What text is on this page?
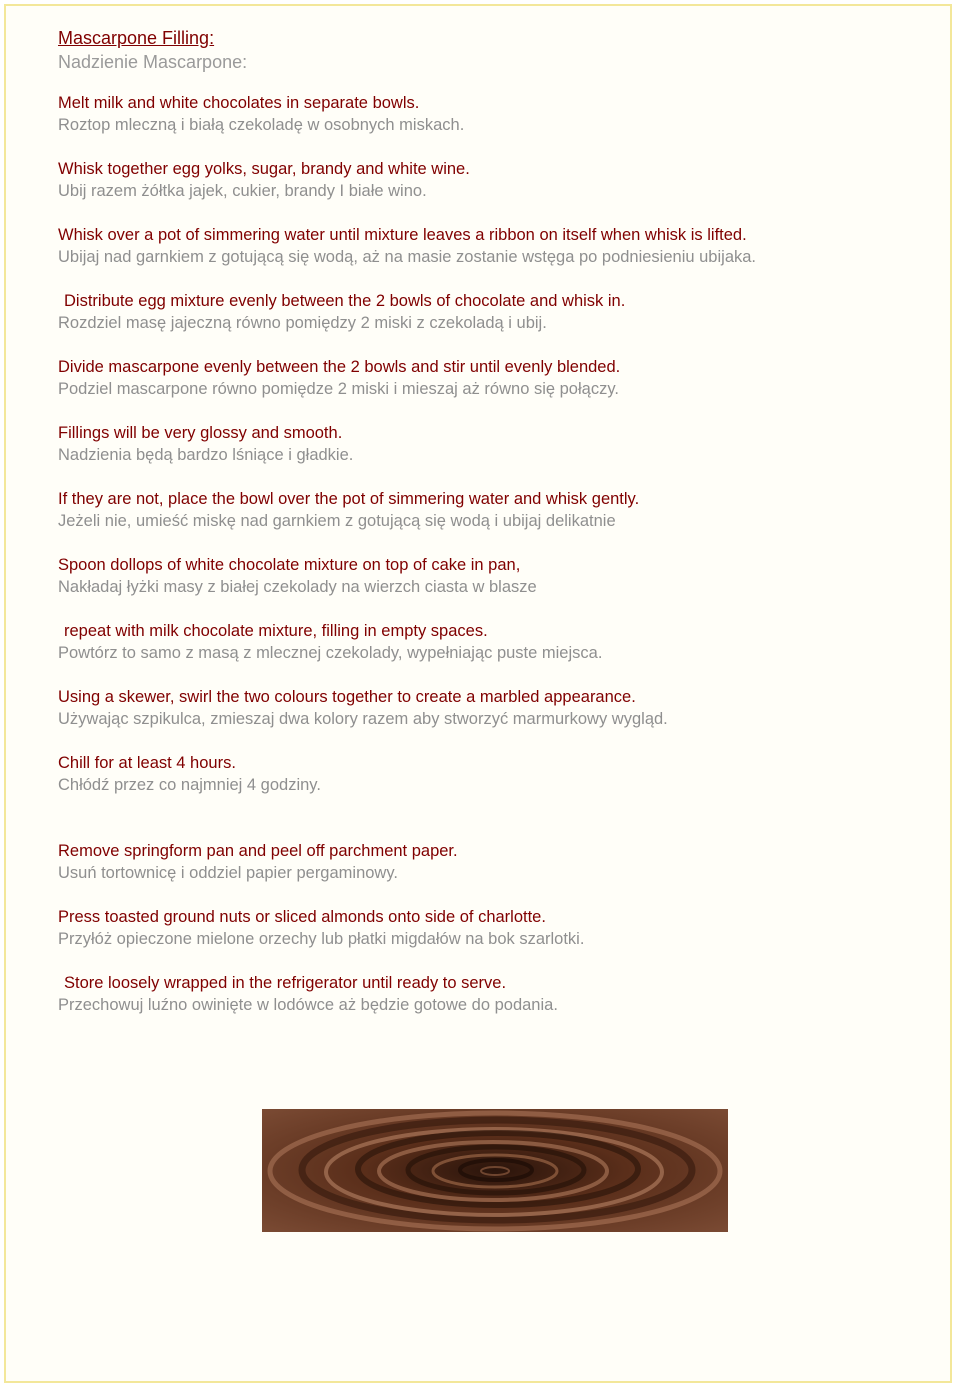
Mascarpone Filling:

Nadzienie Mascarpone:

Melt milk and white chocolates in separate bowls.

Roztop mleczną i białą czekoladę w osobnych miskach.

Whisk together egg yolks, sugar, brandy and white wine.

Ubij razem żółtka jajek, cukier, brandy I białe wino.

Whisk over a pot of simmering water until mixture leaves a ribbon on itself when whisk is lifted.

Ubijaj nad garnkiem z gotującą się wodą, aż na masie zostanie wstęga po podniesieniu ubijaka.

Distribute egg mixture evenly between the 2 bowls of chocolate and whisk in.

Rozdziel masę jajeczną równo pomiędzy 2 miski z czekoladą i ubij.

Divide mascarpone evenly between the 2 bowls and stir until evenly blended.

Podziel mascarpone równo pomiędze 2 miski i mieszaj aż równo się połączy.

Fillings will be very glossy and smooth.

Nadzienia będą bardzo lśniące i gładkie.

If they are not, place the bowl over the pot of simmering water and whisk gently.

Jeżeli nie, umieść miskę nad garnkiem z gotującą się wodą i ubijaj delikatnie

Spoon dollops of white chocolate mixture on top of cake in pan,

Nakładaj łyżki masy z białej czekolady na wierzch ciasta w blasze

repeat with milk chocolate mixture, filling in empty spaces.

Powtórz to samo z masą z mlecznej czekolady, wypełniając puste miejsca.

Using a skewer, swirl the two colours together to create a marbled appearance.

Używając szpikulca, zmieszaj dwa kolory razem aby stworzyć marmurkowy wygląd.

Chill for at least 4 hours.

Chłódź przez co najmniej 4 godziny.

Remove springform pan and peel off parchment paper.

Usuń tortownicę i oddziel papier pergaminowy.

Press toasted ground nuts or sliced almonds onto side of charlotte.

Przyłóż opieczone mielone orzechy lub płatki migdałów na bok szarlotki.

Store loosely wrapped in the refrigerator until ready to serve.

Przechowuj luźno owinięte w lodówce aż będzie gotowe do podania.
